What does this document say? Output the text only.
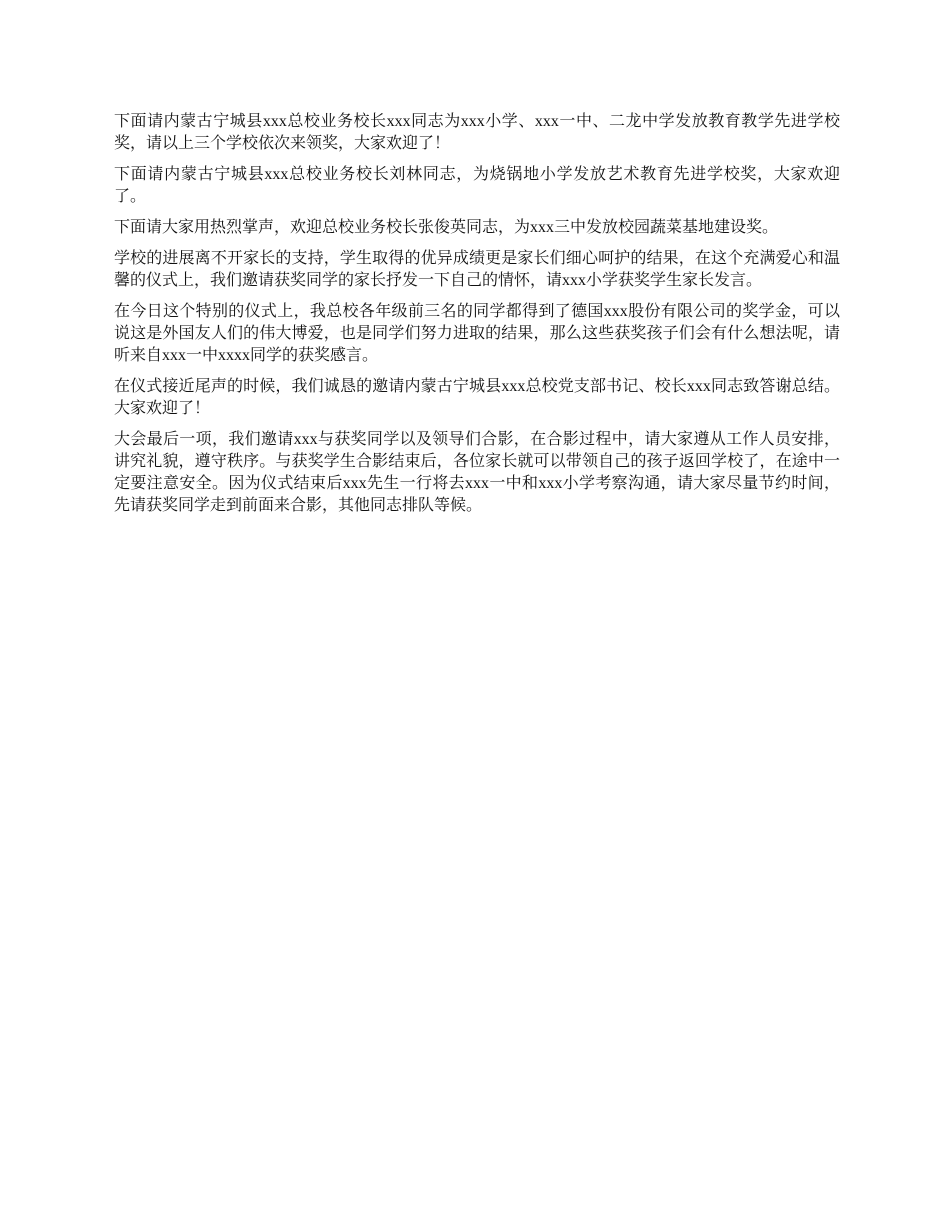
下面请内蒙古宁城县xxx总校业务校长xxx同志为xxx小学、xxx一中、二龙中学发放教育教学先进学校奖，请以上三个学校依次来领奖，大家欢迎了！

下面请内蒙古宁城县xxx总校业务校长刘林同志，为烧锅地小学发放艺术教育先进学校奖，大家欢迎了。

下面请大家用热烈掌声，欢迎总校业务校长张俊英同志，为xxx三中发放校园蔬菜基地建设奖。

学校的进展离不开家长的支持，学生取得的优异成绩更是家长们细心呵护的结果，在这个充满爱心和温馨的仪式上，我们邀请获奖同学的家长抒发一下自己的情怀，请xxx小学获奖学生家长发言。

在今日这个特别的仪式上，我总校各年级前三名的同学都得到了德国xxx股份有限公司的奖学金，可以说这是外国友人们的伟大博爱，也是同学们努力进取的结果，那么这些获奖孩子们会有什么想法呢，请听来自xxx一中xxxx同学的获奖感言。

在仪式接近尾声的时候，我们诚恳的邀请内蒙古宁城县xxx总校党支部书记、校长xxx同志致答谢总结。大家欢迎了！

大会最后一项，我们邀请xxx与获奖同学以及领导们合影，在合影过程中，请大家遵从工作人员安排，讲究礼貌，遵守秩序。与获奖学生合影结束后，各位家长就可以带领自己的孩子返回学校了，在途中一定要注意安全。因为仪式结束后xxx先生一行将去xxx一中和xxx小学考察沟通，请大家尽量节约时间，先请获奖同学走到前面来合影，其他同志排队等候。
